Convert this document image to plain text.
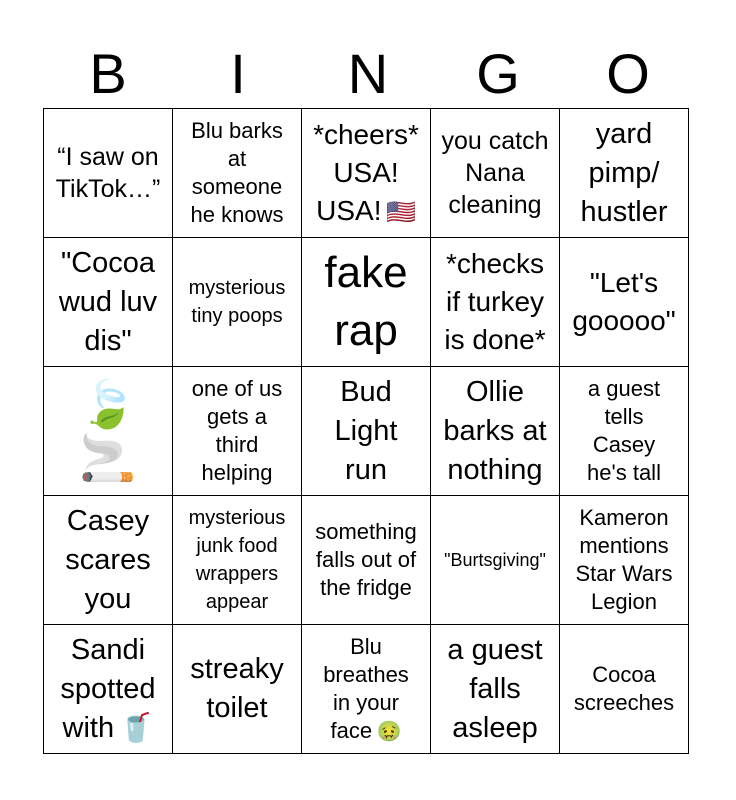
B	I	N	G	O
“I saw on
TikTok…”	Blu barks
at
someone
he knows	*cheers*
USA!
USA! 🇺🇸	you catch
Nana
cleaning	yard
pimp/
hustler

"Cocoa
wud luv
dis"	mysterious
tiny poops	fake
rap	*checks
if turkey
is done*	"Let's
gooooo"

🍃
🚬	one of us
gets a
third
helping	Bud
Light
run	Ollie
barks at
nothing	a guest
tells
Casey
he's tall

Casey
scares
you	mysterious
junk food
wrappers
appear	something
falls out of
the fridge	"Burtsgiving"	Kameron
mentions
Star Wars
Legion

Sandi
spotted
with 🥤	streaky
toilet	Blu
breathes
in your
face 🤢	a guest
falls
asleep	Cocoa
screeches
